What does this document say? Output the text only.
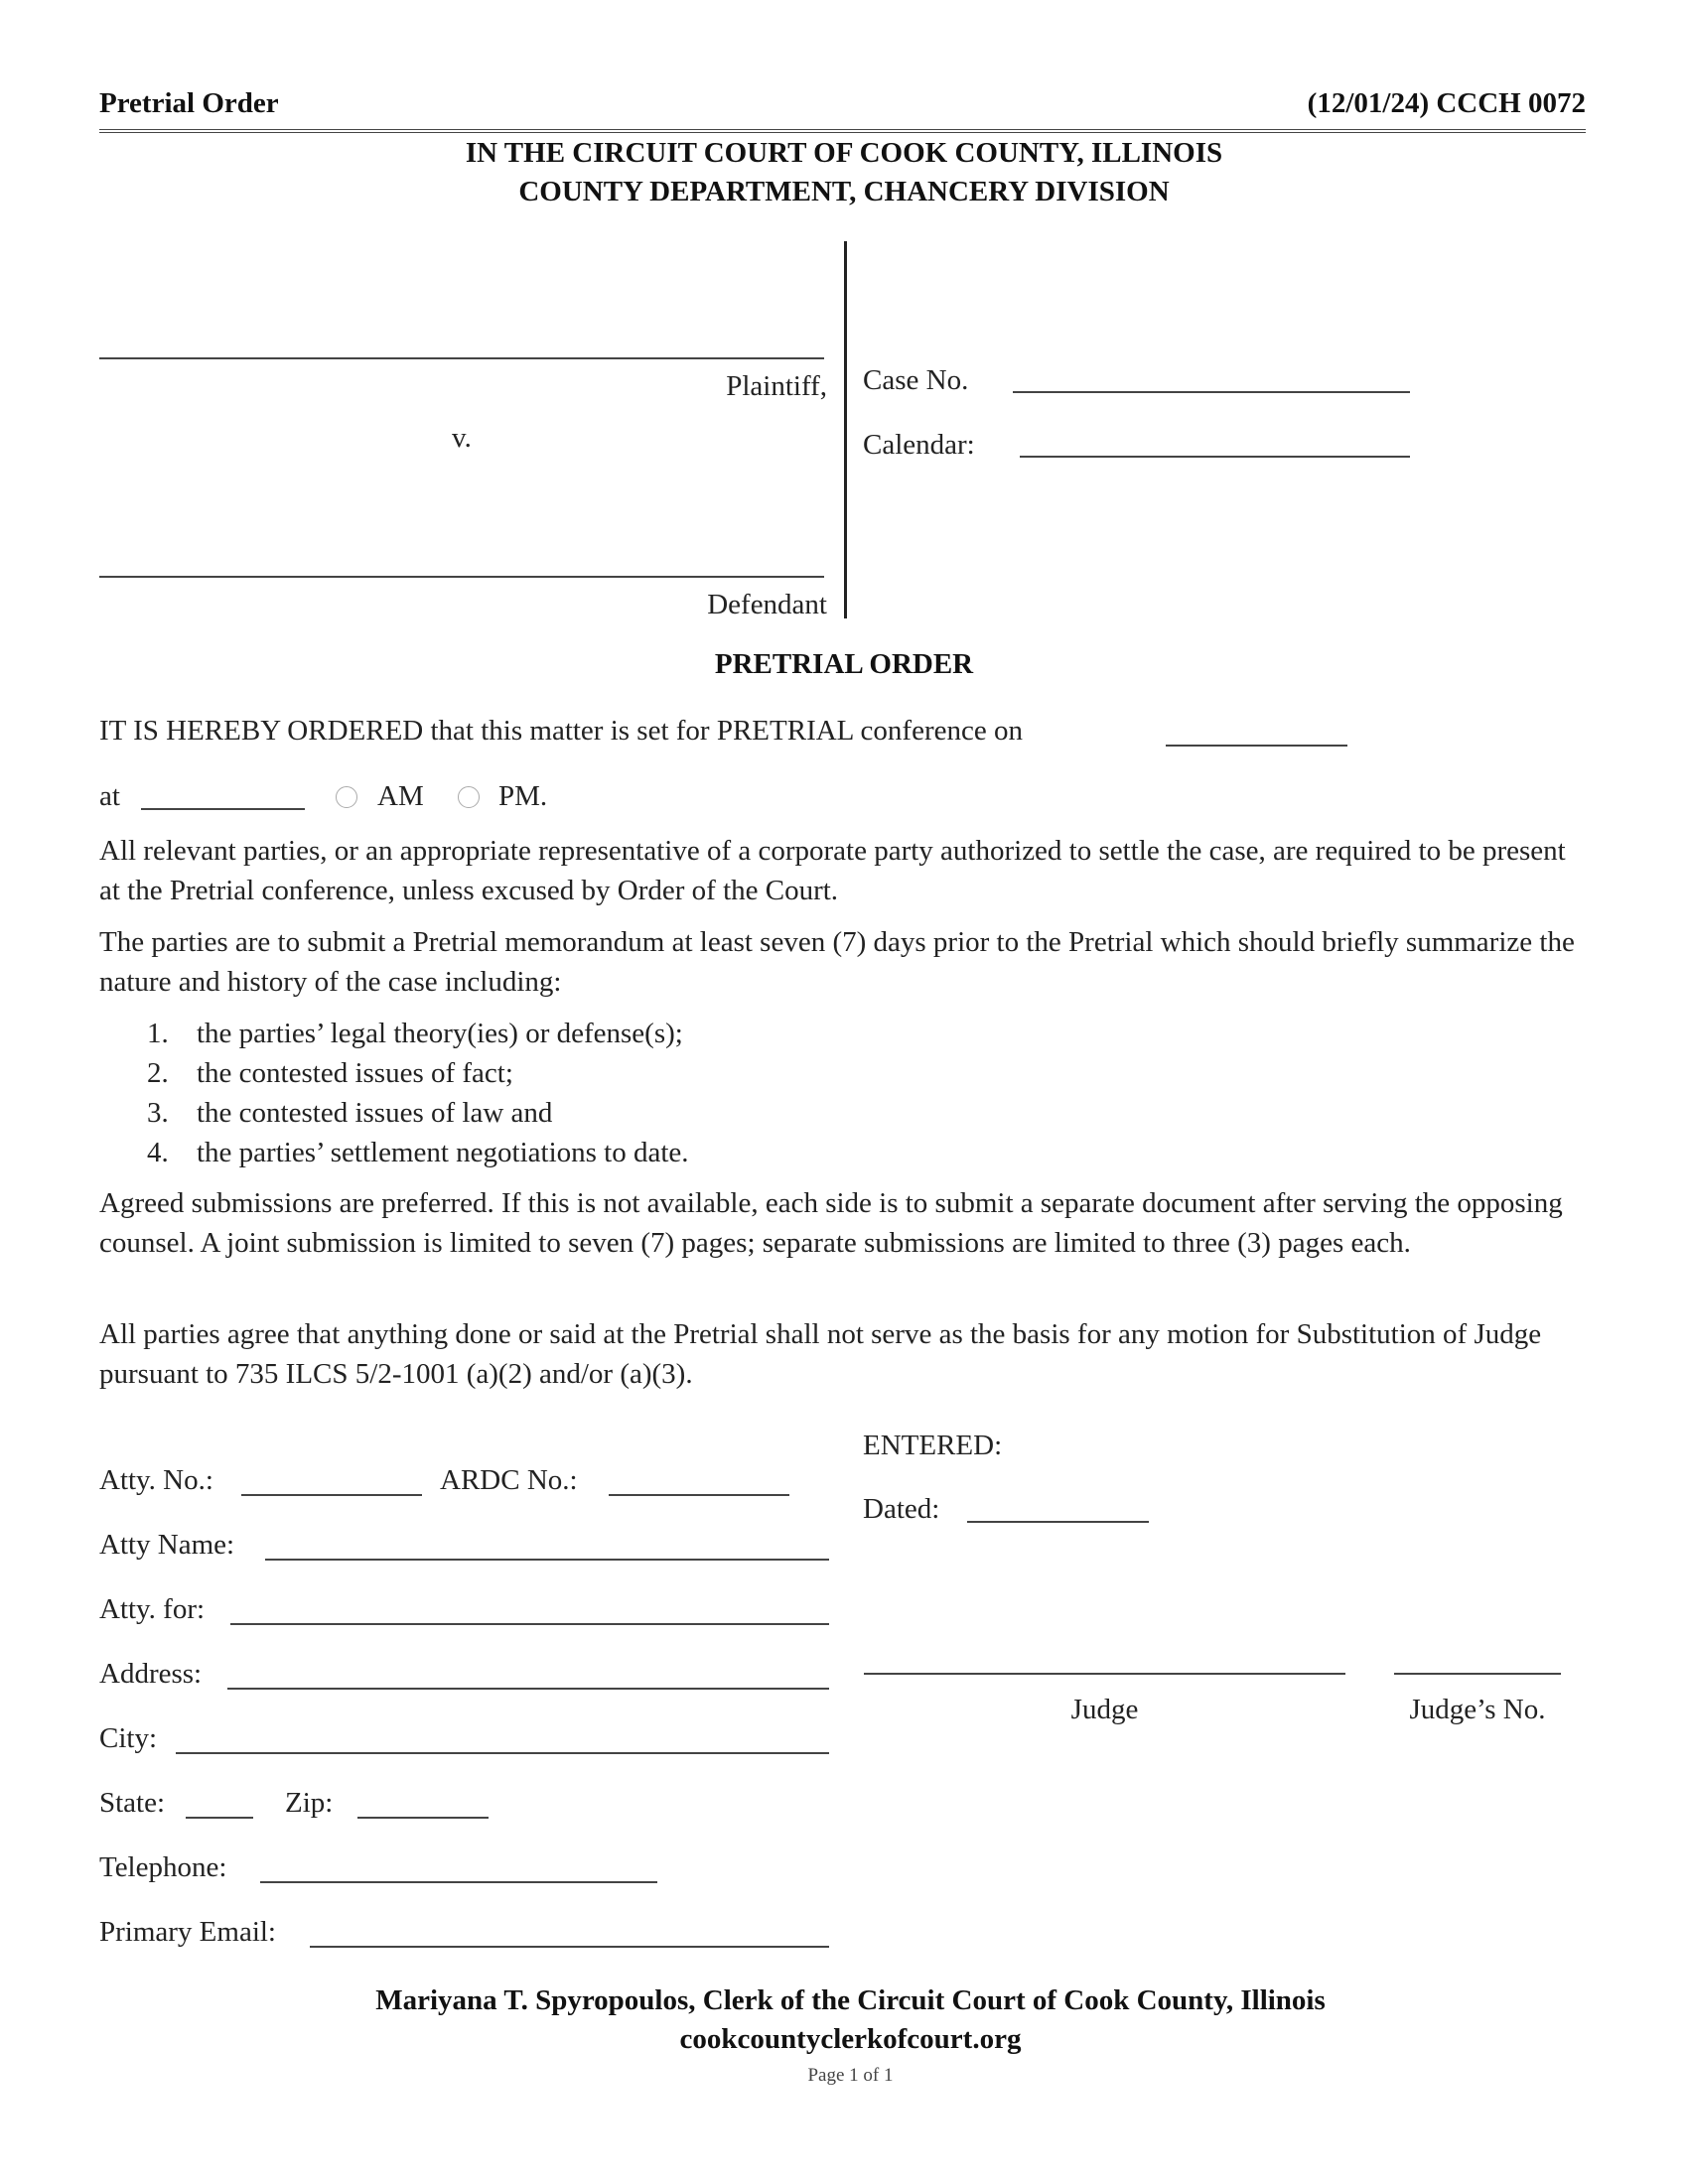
Pretrial Order	(12/01/24) CCCH 0072
IN THE CIRCUIT COURT OF COOK COUNTY, ILLINOIS
COUNTY DEPARTMENT, CHANCERY DIVISION
Plaintiff,
v.
Defendant
Case No.
Calendar:
PRETRIAL ORDER
IT IS HEREBY ORDERED that this matter is set for PRETRIAL conference on
at	AM	PM.
All relevant parties, or an appropriate representative of a corporate party authorized to settle the case, are required to be present at the Pretrial conference, unless excused by Order of the Court.
The parties are to submit a Pretrial memorandum at least seven (7) days prior to the Pretrial which should briefly summarize the nature and history of the case including:
1. the parties’ legal theory(ies) or defense(s);
2. the contested issues of fact;
3. the contested issues of law and
4. the parties’ settlement negotiations to date.
Agreed submissions are preferred. If this is not available, each side is to submit a separate document after serving the opposing counsel. A joint submission is limited to seven (7) pages; separate submissions are limited to three (3) pages each.
All parties agree that anything done or said at the Pretrial shall not serve as the basis for any motion for Substitution of Judge pursuant to 735 ILCS 5/2-1001 (a)(2) and/or (a)(3).
Atty. No.:	ARDC No.:
Atty Name:
Atty. for:
Address:
City:
State:	Zip:
Telephone:
Primary Email:
ENTERED:
Dated:
Judge	Judge’s No.
Mariyana T. Spyropoulos, Clerk of the Circuit Court of Cook County, Illinois
cookcountyclerkofcourt.org
Page 1 of 1
